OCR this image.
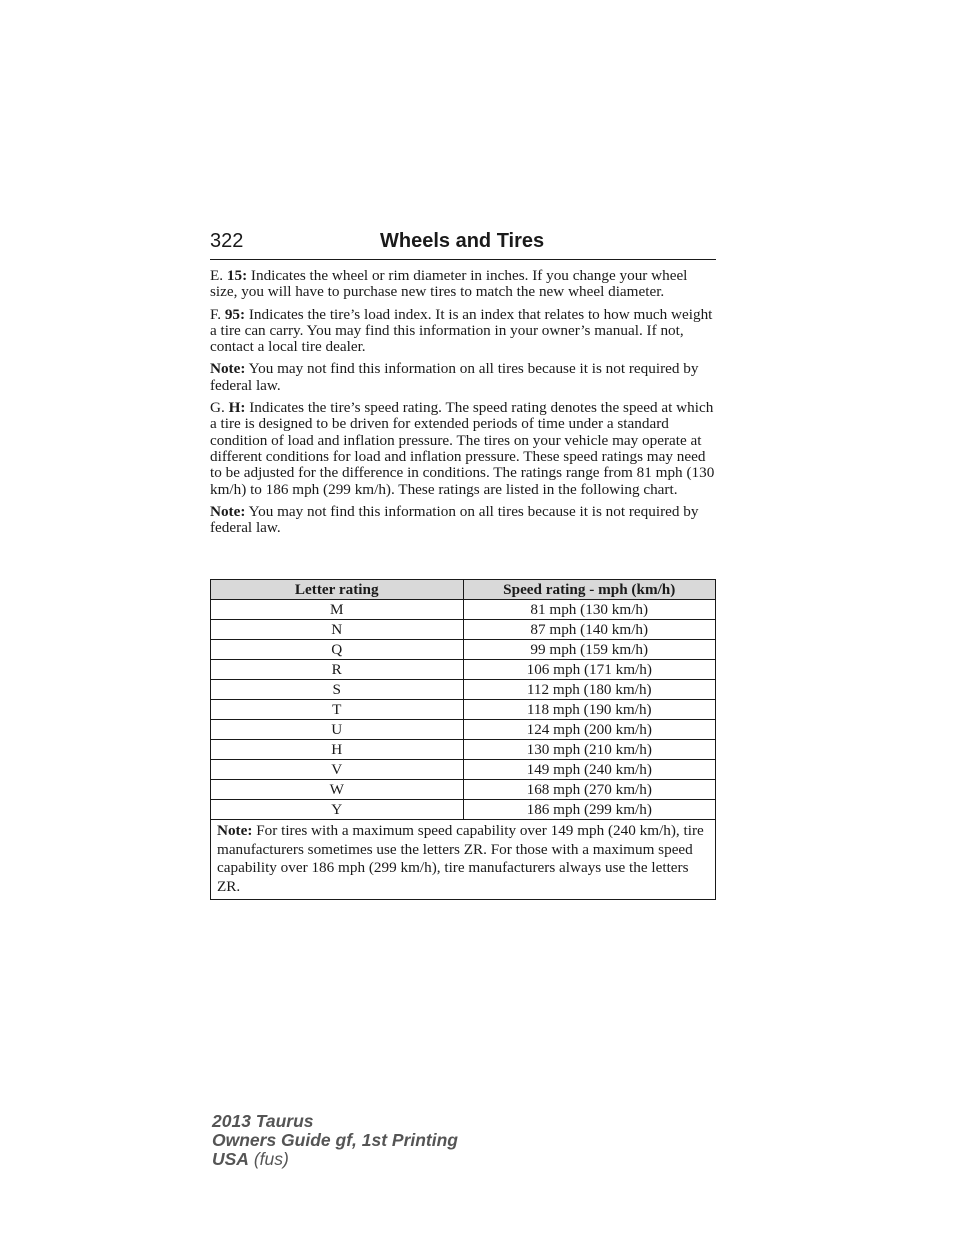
322	Wheels and Tires

E. 15: Indicates the wheel or rim diameter in inches. If you change your wheel size, you will have to purchase new tires to match the new wheel diameter.

F. 95: Indicates the tire’s load index. It is an index that relates to how much weight a tire can carry. You may find this information in your owner’s manual. If not, contact a local tire dealer.

Note: You may not find this information on all tires because it is not required by federal law.

G. H: Indicates the tire’s speed rating. The speed rating denotes the speed at which a tire is designed to be driven for extended periods of time under a standard condition of load and inflation pressure. The tires on your vehicle may operate at different conditions for load and inflation pressure. These speed ratings may need to be adjusted for the difference in conditions. The ratings range from 81 mph (130 km/h) to 186 mph (299 km/h). These ratings are listed in the following chart.

Note: You may not find this information on all tires because it is not required by federal law.

Letter rating	Speed rating - mph (km/h)
M	81 mph (130 km/h)
N	87 mph (140 km/h)
Q	99 mph (159 km/h)
R	106 mph (171 km/h)
S	112 mph (180 km/h)
T	118 mph (190 km/h)
U	124 mph (200 km/h)
H	130 mph (210 km/h)
V	149 mph (240 km/h)
W	168 mph (270 km/h)
Y	186 mph (299 km/h)
Note: For tires with a maximum speed capability over 149 mph (240 km/h), tire manufacturers sometimes use the letters ZR. For those with a maximum speed capability over 186 mph (299 km/h), tire manufacturers always use the letters ZR.	
2013 Taurus
Owners Guide gf, 1st Printing
USA (fus)
